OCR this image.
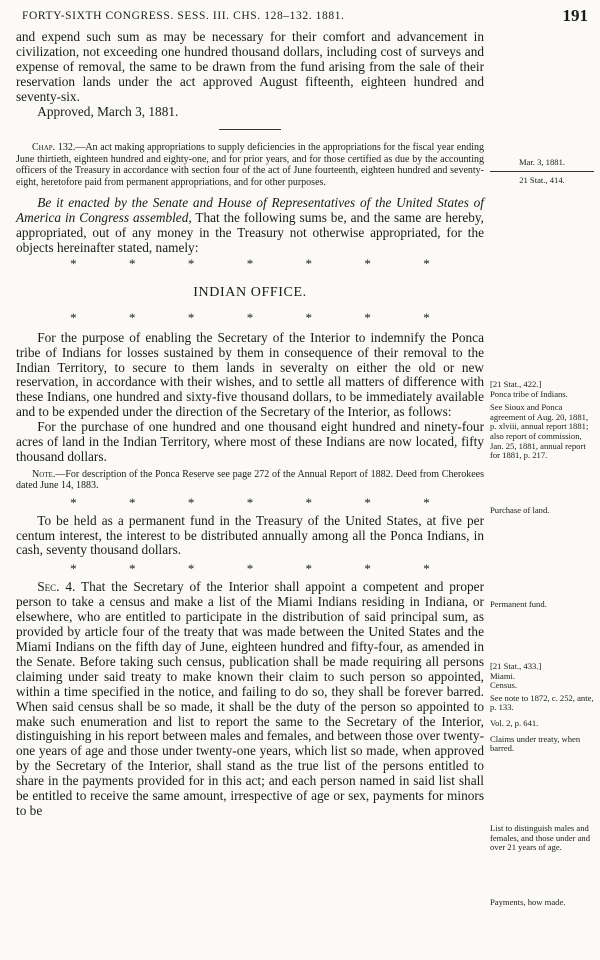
FORTY-SIXTH CONGRESS. SESS. III. CHS. 128–132. 1881.	191

and expend such sum as may be necessary for their comfort and advancement in civilization, not exceeding one hundred thousand dollars, including cost of surveys and expense of removal, the same to be drawn from the fund arising from the sale of their reservation lands under the act approved August fifteenth, eighteen hundred and seventy-six.

Approved, March 3, 1881.

Chap. 132.—An act making appropriations to supply deficiencies in the appropriations for the fiscal year ending June thirtieth, eighteen hundred and eighty-one, and for prior years, and for those certified as due by the accounting officers of the Treasury in accordance with section four of the act of June fourteenth, eighteen hundred and seventy-eight, heretofore paid from permanent appropriations, and for other purposes.

Be it enacted by the Senate and House of Representatives of the United States of America in Congress assembled, That the following sums be, and the same are hereby, appropriated, out of any money in the Treasury not otherwise appropriated, for the objects hereinafter stated, namely:

*	*	*	*	*	*	*

INDIAN OFFICE.

*	*	*	*	*	*	*

For the purpose of enabling the Secretary of the Interior to indemnify the Ponca tribe of Indians for losses sustained by them in consequence of their removal to the Indian Territory, to secure to them lands in severalty on either the old or new reservation, in accordance with their wishes, and to settle all matters of difference with these Indians, one hundred and sixty-five thousand dollars, to be immediately available and to be expended under the direction of the Secretary of the Interior, as follows:

For the purchase of one hundred and one thousand eight hundred and ninety-four acres of land in the Indian Territory, where most of these Indians are now located, fifty thousand dollars.

Note.—For description of the Ponca Reserve see page 272 of the Annual Report of 1882. Deed from Cherokees dated June 14, 1883.

*	*	*	*	*	*	*

To be held as a permanent fund in the Treasury of the United States, at five per centum interest, the interest to be distributed annually among all the Ponca Indians, in cash, seventy thousand dollars.

*	*	*	*	*	*	*

Sec. 4. That the Secretary of the Interior shall appoint a competent and proper person to take a census and make a list of the Miami Indians residing in Indiana, or elsewhere, who are entitled to participate in the distribution of said principal sum, as provided by article four of the treaty that was made between the United States and the Miami Indians on the fifth day of June, eighteen hundred and fifty-four, as amended in the Senate. Before taking such census, publication shall be made requiring all persons claiming under said treaty to make known their claim to such person so appointed, within a time specified in the notice, and failing to do so, they shall be forever barred. When said census shall be so made, it shall be the duty of the person so appointed to make such enumeration and list to report the same to the Secretary of the Interior, distinguishing in his report between males and females, and between those over twenty-one years of age and those under twenty-one years, which list so made, when approved by the Secretary of the Interior, shall stand as the true list of the persons entitled to share in the payments provided for in this act; and each person named in said list shall be entitled to receive the same amount, irrespective of age or sex, payments for minors to be

Mar. 3, 1881.
21 Stat., 414.
[21 Stat., 422.]
Ponca tribe of Indians.
See Sioux and Ponca agreement of Aug. 20, 1881, p. xlviii, annual report 1881; also report of commission, Jan. 25, 1881, annual report for 1881, p. 217.
Purchase of land.
Permanent fund.
[21 Stat., 433.]
Miami.
Census.
See note to 1872, c. 252, ante, p. 133.
Vol. 2, p. 641.
Claims under treaty, when barred.
List to distinguish males and females, and those under and over 21 years of age.
Payments, how made.
